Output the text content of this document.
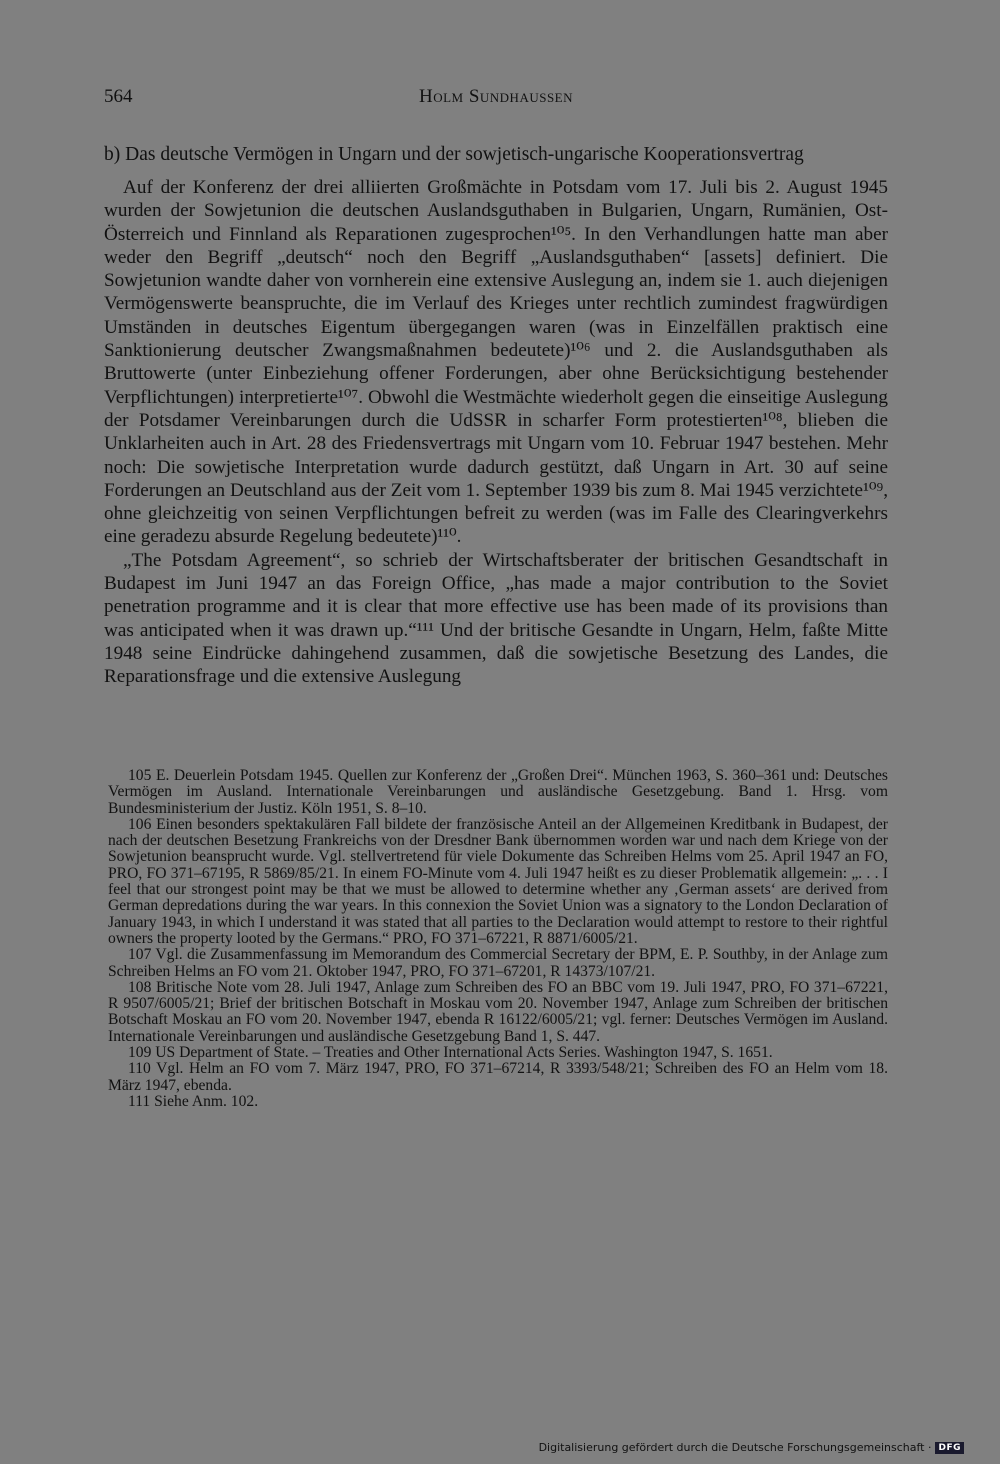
564	Holm Sundhaussen
b) Das deutsche Vermögen in Ungarn und der sowjetisch-ungarische Kooperationsvertrag

Auf der Konferenz der drei alliierten Großmächte in Potsdam vom 17. Juli bis 2. August 1945 wurden der Sowjetunion die deutschen Auslandsguthaben in Bulgarien, Ungarn, Rumänien, Ost-Österreich und Finnland als Reparationen zugesprochen¹⁰⁵. In den Verhandlungen hatte man aber weder den Begriff „deutsch“ noch den Begriff „Auslandsguthaben“ [assets] definiert. Die Sowjetunion wandte daher von vornherein eine extensive Auslegung an, indem sie 1. auch diejenigen Vermögenswerte beanspruchte, die im Verlauf des Krieges unter rechtlich zumindest fragwürdigen Umständen in deutsches Eigentum übergegangen waren (was in Einzelfällen praktisch eine Sanktionierung deutscher Zwangsmaßnahmen bedeutete)¹⁰⁶ und 2. die Auslandsguthaben als Bruttowerte (unter Einbeziehung offener Forderungen, aber ohne Berücksichtigung bestehender Verpflichtungen) interpretierte¹⁰⁷. Obwohl die Westmächte wiederholt gegen die einseitige Auslegung der Potsdamer Vereinbarungen durch die UdSSR in scharfer Form protestierten¹⁰⁸, blieben die Unklarheiten auch in Art. 28 des Friedensvertrags mit Ungarn vom 10. Februar 1947 bestehen. Mehr noch: Die sowjetische Interpretation wurde dadurch gestützt, daß Ungarn in Art. 30 auf seine Forderungen an Deutschland aus der Zeit vom 1. September 1939 bis zum 8. Mai 1945 verzichtete¹⁰⁹, ohne gleichzeitig von seinen Verpflichtungen befreit zu werden (was im Falle des Clearingverkehrs eine geradezu absurde Regelung bedeutete)¹¹⁰.

„The Potsdam Agreement“, so schrieb der Wirtschaftsberater der britischen Gesandtschaft in Budapest im Juni 1947 an das Foreign Office, „has made a major contribution to the Soviet penetration programme and it is clear that more effective use has been made of its provisions than was anticipated when it was drawn up.“¹¹¹ Und der britische Gesandte in Ungarn, Helm, faßte Mitte 1948 seine Eindrücke dahingehend zusammen, daß die sowjetische Besetzung des Landes, die Reparationsfrage und die extensive Auslegung

105 E. Deuerlein Potsdam 1945. Quellen zur Konferenz der „Großen Drei“. München 1963, S. 360–361 und: Deutsches Vermögen im Ausland. Internationale Vereinbarungen und ausländische Gesetzgebung. Band 1. Hrsg. vom Bundesministerium der Justiz. Köln 1951, S. 8–10.

106 Einen besonders spektakulären Fall bildete der französische Anteil an der Allgemeinen Kreditbank in Budapest, der nach der deutschen Besetzung Frankreichs von der Dresdner Bank übernommen worden war und nach dem Kriege von der Sowjetunion beansprucht wurde. Vgl. stellvertretend für viele Dokumente das Schreiben Helms vom 25. April 1947 an FO, PRO, FO 371–67195, R 5869/85/21. In einem FO-Minute vom 4. Juli 1947 heißt es zu dieser Problematik allgemein: „. . . I feel that our strongest point may be that we must be allowed to determine whether any ‚German assets‘ are derived from German depredations during the war years. In this connexion the Soviet Union was a signatory to the London Declaration of January 1943, in which I understand it was stated that all parties to the Declaration would attempt to restore to their rightful owners the property looted by the Germans.“ PRO, FO 371–67221, R 8871/6005/21.

107 Vgl. die Zusammenfassung im Memorandum des Commercial Secretary der BPM, E. P. Southby, in der Anlage zum Schreiben Helms an FO vom 21. Oktober 1947, PRO, FO 371–67201, R 14373/107/21.

108 Britische Note vom 28. Juli 1947, Anlage zum Schreiben des FO an BBC vom 19. Juli 1947, PRO, FO 371–67221, R 9507/6005/21; Brief der britischen Botschaft in Moskau vom 20. November 1947, Anlage zum Schreiben der britischen Botschaft Moskau an FO vom 20. November 1947, ebenda R 16122/6005/21; vgl. ferner: Deutsches Vermögen im Ausland. Internationale Vereinbarungen und ausländische Gesetzgebung Band 1, S. 447.

109 US Department of State. – Treaties and Other International Acts Series. Washington 1947, S. 1651.

110 Vgl. Helm an FO vom 7. März 1947, PRO, FO 371–67214, R 3393/548/21; Schreiben des FO an Helm vom 18. März 1947, ebenda.

111 Siehe Anm. 102.

Digitalisierung gefördert durch die Deutsche Forschungsgemeinschaft · DFG
